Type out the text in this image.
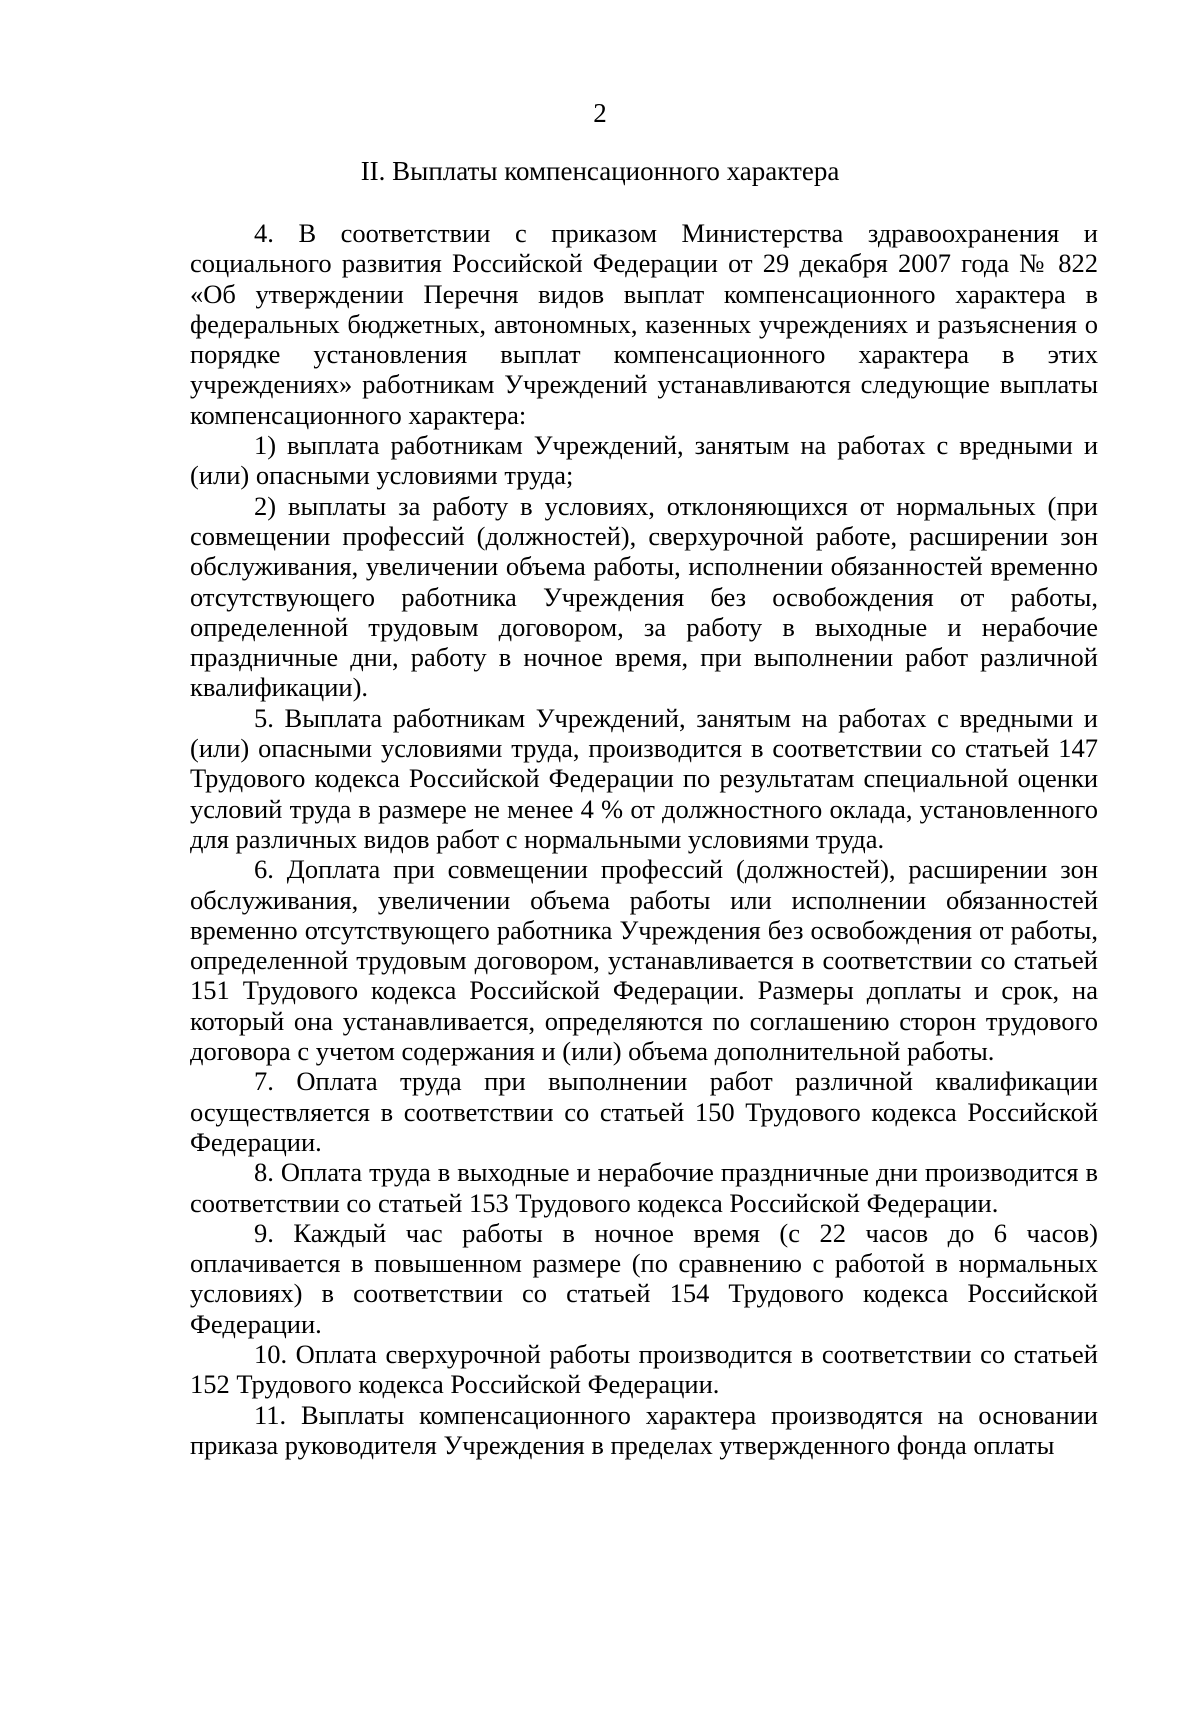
2
II. Выплаты компенсационного характера

4. В соответствии с приказом Министерства здравоохранения и социального развития Российской Федерации от 29 декабря 2007 года № 822 «Об утверждении Перечня видов выплат компенсационного характера в федеральных бюджетных, автономных, казенных учреждениях и разъяснения о порядке установления выплат компенсационного характера в этих учреждениях» работникам Учреждений устанавливаются следующие выплаты компенсационного характера:

1) выплата работникам Учреждений, занятым на работах с вредными и (или) опасными условиями труда;

2) выплаты за работу в условиях, отклоняющихся от нормальных (при совмещении профессий (должностей), сверхурочной работе, расширении зон обслуживания, увеличении объема работы, исполнении обязанностей временно отсутствующего работника Учреждения без освобождения от работы, определенной трудовым договором, за работу в выходные и нерабочие праздничные дни, работу в ночное время, при выполнении работ различной квалификации).

5. Выплата работникам Учреждений, занятым на работах с вредными и (или) опасными условиями труда, производится в соответствии со статьей 147 Трудового кодекса Российской Федерации по результатам специальной оценки условий труда в размере не менее 4 % от должностного оклада, установленного для различных видов работ с нормальными условиями труда.

6. Доплата при совмещении профессий (должностей), расширении зон обслуживания, увеличении объема работы или исполнении обязанностей временно отсутствующего работника Учреждения без освобождения от работы, определенной трудовым договором, устанавливается в соответствии со статьей 151 Трудового кодекса Российской Федерации. Размеры доплаты и срок, на который она устанавливается, определяются по соглашению сторон трудового договора с учетом содержания и (или) объема дополнительной работы.

7. Оплата труда при выполнении работ различной квалификации осуществляется в соответствии со статьей 150 Трудового кодекса Российской Федерации.

8. Оплата труда в выходные и нерабочие праздничные дни производится в соответствии со статьей 153 Трудового кодекса Российской Федерации.

9. Каждый час работы в ночное время (с 22 часов до 6 часов) оплачивается в повышенном размере (по сравнению с работой в нормальных условиях) в соответствии со статьей 154 Трудового кодекса Российской Федерации.

10. Оплата сверхурочной работы производится в соответствии со статьей 152 Трудового кодекса Российской Федерации.

11. Выплаты компенсационного характера производятся на основании приказа руководителя Учреждения в пределах утвержденного фонда оплаты
